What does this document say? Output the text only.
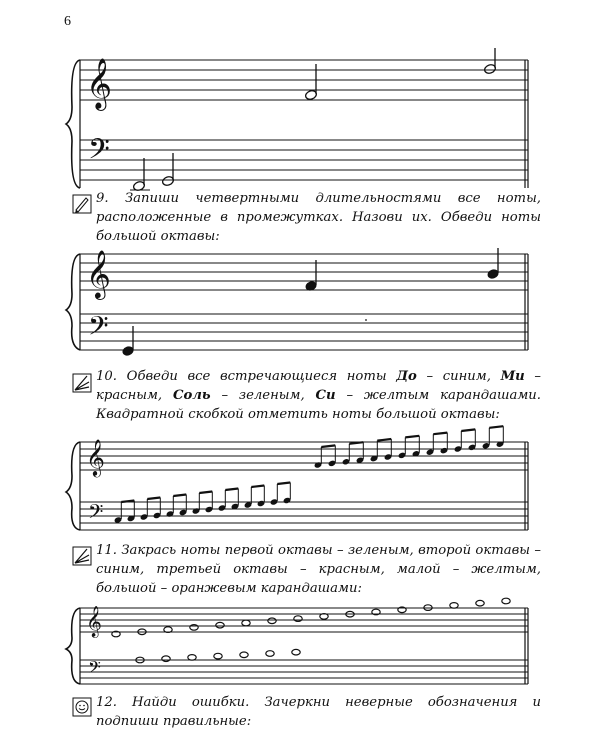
6
𝄞
𝄢
9. Запиши четвертными длительностями все ноты, расположенные в промежутках. Назови их. Обведи ноты большой октавы:
𝄞
𝄢
10. Обведи все встречающиеся ноты До – синим, Ми – красным, Соль – зеленым, Си – желтым карандашами. Квадратной скобкой отметить ноты большой октавы:
𝄞
𝄢
11. Закрась ноты первой октавы – зеленым, второй октавы – синим, третьей октавы – красным, малой – желтым, большой – оранжевым карандашами:
𝄞
𝄢
12. Найди ошибки. Зачеркни неверные обозначения и подпиши правильные:
